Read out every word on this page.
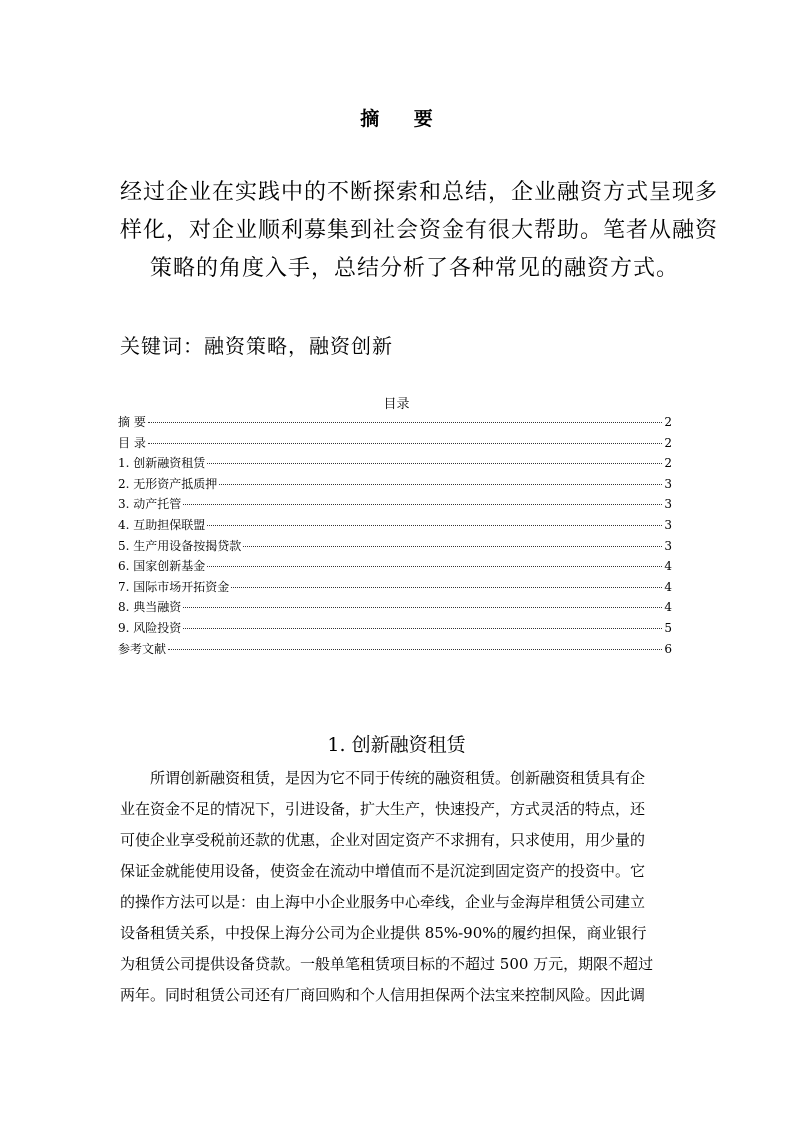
摘 要
经过企业在实践中的不断探索和总结，企业融资方式呈现多
样化，对企业顺利募集到社会资金有很大帮助。笔者从融资
策略的角度入手，总结分析了各种常见的融资方式。
关键词：融资策略，融资创新
目录
摘 要	2
目 录	2
1. 创新融资租赁	2
2. 无形资产抵质押	3
3. 动产托管	3
4. 互助担保联盟	3
5. 生产用设备按揭贷款	3
6. 国家创新基金	4
7. 国际市场开拓资金	4
8. 典当融资	4
9. 风险投资	5
参考文献	6
1. 创新融资租赁
所谓创新融资租赁，是因为它不同于传统的融资租赁。创新融资租赁具有企
业在资金不足的情况下，引进设备，扩大生产，快速投产，方式灵活的特点，还
可使企业享受税前还款的优惠，企业对固定资产不求拥有，只求使用，用少量的
保证金就能使用设备，使资金在流动中增值而不是沉淀到固定资产的投资中。它
的操作方法可以是：由上海中小企业服务中心牵线，企业与金海岸租赁公司建立
设备租赁关系，中投保上海分公司为企业提供 85%-90%的履约担保，商业银行
为租赁公司提供设备贷款。一般单笔租赁项目标的不超过 500 万元，期限不超过
两年。同时租赁公司还有厂商回购和个人信用担保两个法宝来控制风险。因此调
